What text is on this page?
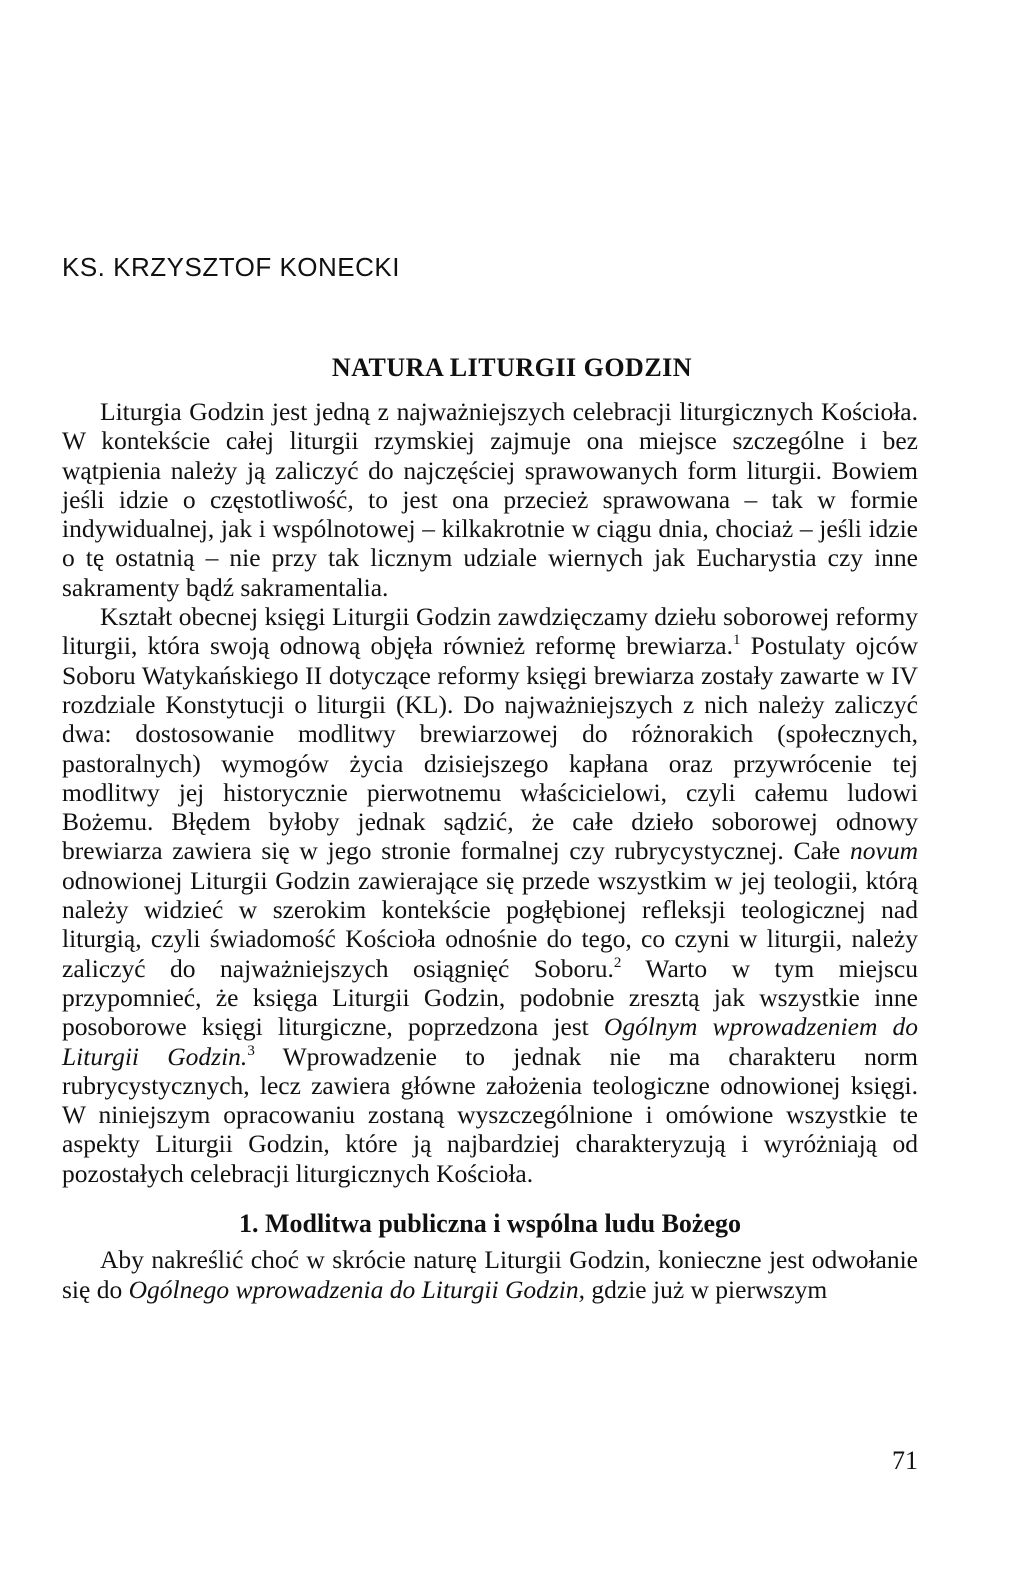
KS. KRZYSZTOF KONECKI
NATURA LITURGII GODZIN

Liturgia Godzin jest jedną z najważniejszych celebracji liturgicznych Kościoła. W kontekście całej liturgii rzymskiej zajmuje ona miejsce szczególne i bez wątpienia należy ją zaliczyć do najczęściej sprawowanych form liturgii. Bowiem jeśli idzie o częstotliwość, to jest ona przecież sprawowana – tak w formie indywidualnej, jak i wspólnotowej – kilkakrotnie w ciągu dnia, chociaż – jeśli idzie o tę ostatnią – nie przy tak licznym udziale wiernych jak Eucharystia czy inne sakramenty bądź sakramentalia.

Kształt obecnej księgi Liturgii Godzin zawdzięczamy dziełu soborowej reformy liturgii, która swoją odnową objęła również reformę brewiarza.$^1$ Postulaty ojców Soboru Watykańskiego II dotyczące reformy księgi brewiarza zostały zawarte w IV rozdziale Konstytucji o liturgii (KL). Do najważniejszych z nich należy zaliczyć dwa: dostosowanie modlitwy brewiarzowej do różnorakich (społecznych, pastoralnych) wymogów życia dzisiejszego kapłana oraz przywrócenie tej modlitwy jej historycznie pierwotnemu właścicielowi, czyli całemu ludowi Bożemu. Błędem byłoby jednak sądzić, że całe dzieło soborowej odnowy brewiarza zawiera się w jego stronie formalnej czy rubrycystycznej. Całe novum odnowionej Liturgii Godzin zawierające się przede wszystkim w jej teologii, którą należy widzieć w szerokim kontekście pogłębionej refleksji teologicznej nad liturgią, czyli świadomość Kościoła odnośnie do tego, co czyni w liturgii, należy zaliczyć do najważniejszych osiągnięć Soboru.$^2$ Warto w tym miejscu przypomnieć, że księga Liturgii Godzin, podobnie zresztą jak wszystkie inne posoborowe księgi liturgiczne, poprzedzona jest Ogólnym wprowadzeniem do Liturgii Godzin.$^3$ Wprowadzenie to jednak nie ma charakteru norm rubrycystycznych, lecz zawiera główne założenia teologiczne odnowionej księgi. W niniejszym opracowaniu zostaną wyszczególnione i omówione wszystkie te aspekty Liturgii Godzin, które ją najbardziej charakteryzują i wyróżniają od pozostałych celebracji liturgicznych Kościoła.

1. Modlitwa publiczna i wspólna ludu Bożego

Aby nakreślić choć w skrócie naturę Liturgii Godzin, konieczne jest odwołanie się do Ogólnego wprowadzenia do Liturgii Godzin, gdzie już w pierwszym

71
